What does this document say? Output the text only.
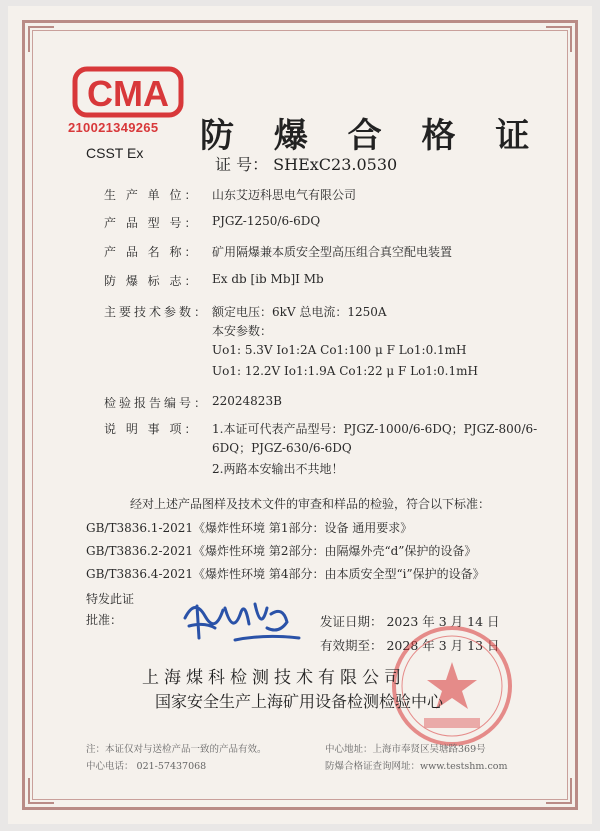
CMA
210021349265
CSST Ex 防 爆 合 格 证
证 号： SHExC23.0530
生 产 单 位：	山东艾迈科思电气有限公司
产 品 型 号：	PJGZ-1250/6-6DQ
产 品 名 称：	矿用隔爆兼本质安全型高压组合真空配电装置
防 爆 标 志：	Ex db [ib Mb]I Mb
主要技术参数： 额定电压：6kV 总电流：1250A
本安参数：
Uo1: 5.3V Io1:2A Co1:100 μ F Lo1:0.1mH
Uo1: 12.2V Io1:1.9A Co1:22 μ F Lo1:0.1mH
检验报告编号： 22024823B
说 明 事 项：	1.本证可代表产品型号：PJGZ-1000/6-6DQ；PJGZ-800/6-
6DQ；PJGZ-630/6-6DQ
2.两路本安输出不共地！
经对上述产品图样及技术文件的审查和样品的检验，符合以下标准：
GB/T3836.1-2021《爆炸性环境 第1部分：设备 通用要求》
GB/T3836.2-2021《爆炸性环境 第2部分：由隔爆外壳“d”保护的设备》
GB/T3836.4-2021《爆炸性环境 第4部分：由本质安全型“i”保护的设备》
特发此证
批准：	发证日期： 2023 年 3 月 14 日
有效期至： 2028 年 3 月 13 日
上海煤科检测技术有限公司
国家安全生产上海矿用设备检测检验中心
注：本证仅对与送检产品一致的产品有效。
中心电话： 021-57437068
中心地址：上海市奉贤区吴塘路369号
防爆合格证查询网址：www.testshm.com
